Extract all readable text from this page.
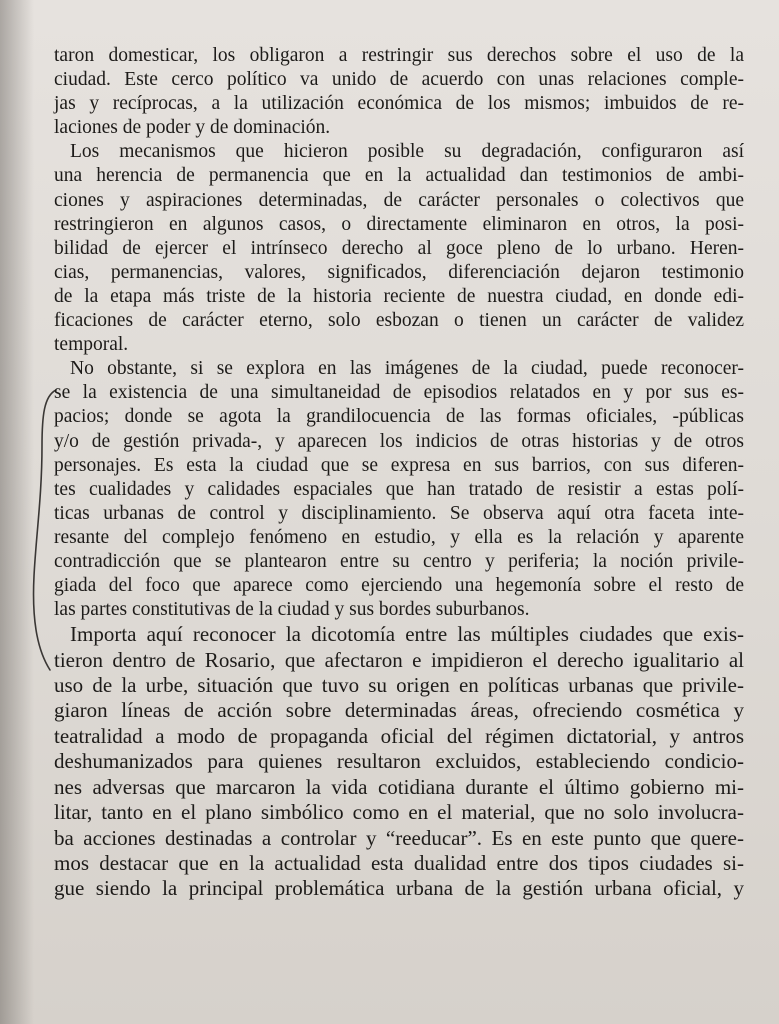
taron domesticar, los obligaron a restringir sus derechos sobre el uso de la
ciudad. Este cerco político va unido de acuerdo con unas relaciones comple-
jas y recíprocas, a la utilización económica de los mismos; imbuidos de re-
laciones de poder y de dominación.
Los mecanismos que hicieron posible su degradación, configuraron así
una herencia de permanencia que en la actualidad dan testimonios de ambi-
ciones y aspiraciones determinadas, de carácter personales o colectivos que
restringieron en algunos casos, o directamente eliminaron en otros, la posi-
bilidad de ejercer el intrínseco derecho al goce pleno de lo urbano. Heren-
cias, permanencias, valores, significados, diferenciación dejaron testimonio
de la etapa más triste de la historia reciente de nuestra ciudad, en donde edi-
ficaciones de carácter eterno, solo esbozan o tienen un carácter de validez
temporal.
No obstante, si se explora en las imágenes de la ciudad, puede reconocer-
se la existencia de una simultaneidad de episodios relatados en y por sus es-
pacios; donde se agota la grandilocuencia de las formas oficiales, -públicas
y/o de gestión privada-, y aparecen los indicios de otras historias y de otros
personajes. Es esta la ciudad que se expresa en sus barrios, con sus diferen-
tes cualidades y calidades espaciales que han tratado de resistir a estas polí-
ticas urbanas de control y disciplinamiento. Se observa aquí otra faceta inte-
resante del complejo fenómeno en estudio, y ella es la relación y aparente
contradicción que se plantearon entre su centro y periferia; la noción privile-
giada del foco que aparece como ejerciendo una hegemonía sobre el resto de
las partes constitutivas de la ciudad y sus bordes suburbanos.
Importa aquí reconocer la dicotomía entre las múltiples ciudades que exis-
tieron dentro de Rosario, que afectaron e impidieron el derecho igualitario al
uso de la urbe, situación que tuvo su origen en políticas urbanas que privile-
giaron líneas de acción sobre determinadas áreas, ofreciendo cosmética y
teatralidad a modo de propaganda oficial del régimen dictatorial, y antros
deshumanizados para quienes resultaron excluidos, estableciendo condicio-
nes adversas que marcaron la vida cotidiana durante el último gobierno mi-
litar, tanto en el plano simbólico como en el material, que no solo involucra-
ba acciones destinadas a controlar y “reeducar”. Es en este punto que quere-
mos destacar que en la actualidad esta dualidad entre dos tipos ciudades si-
gue siendo la principal problemática urbana de la gestión urbana oficial, y
